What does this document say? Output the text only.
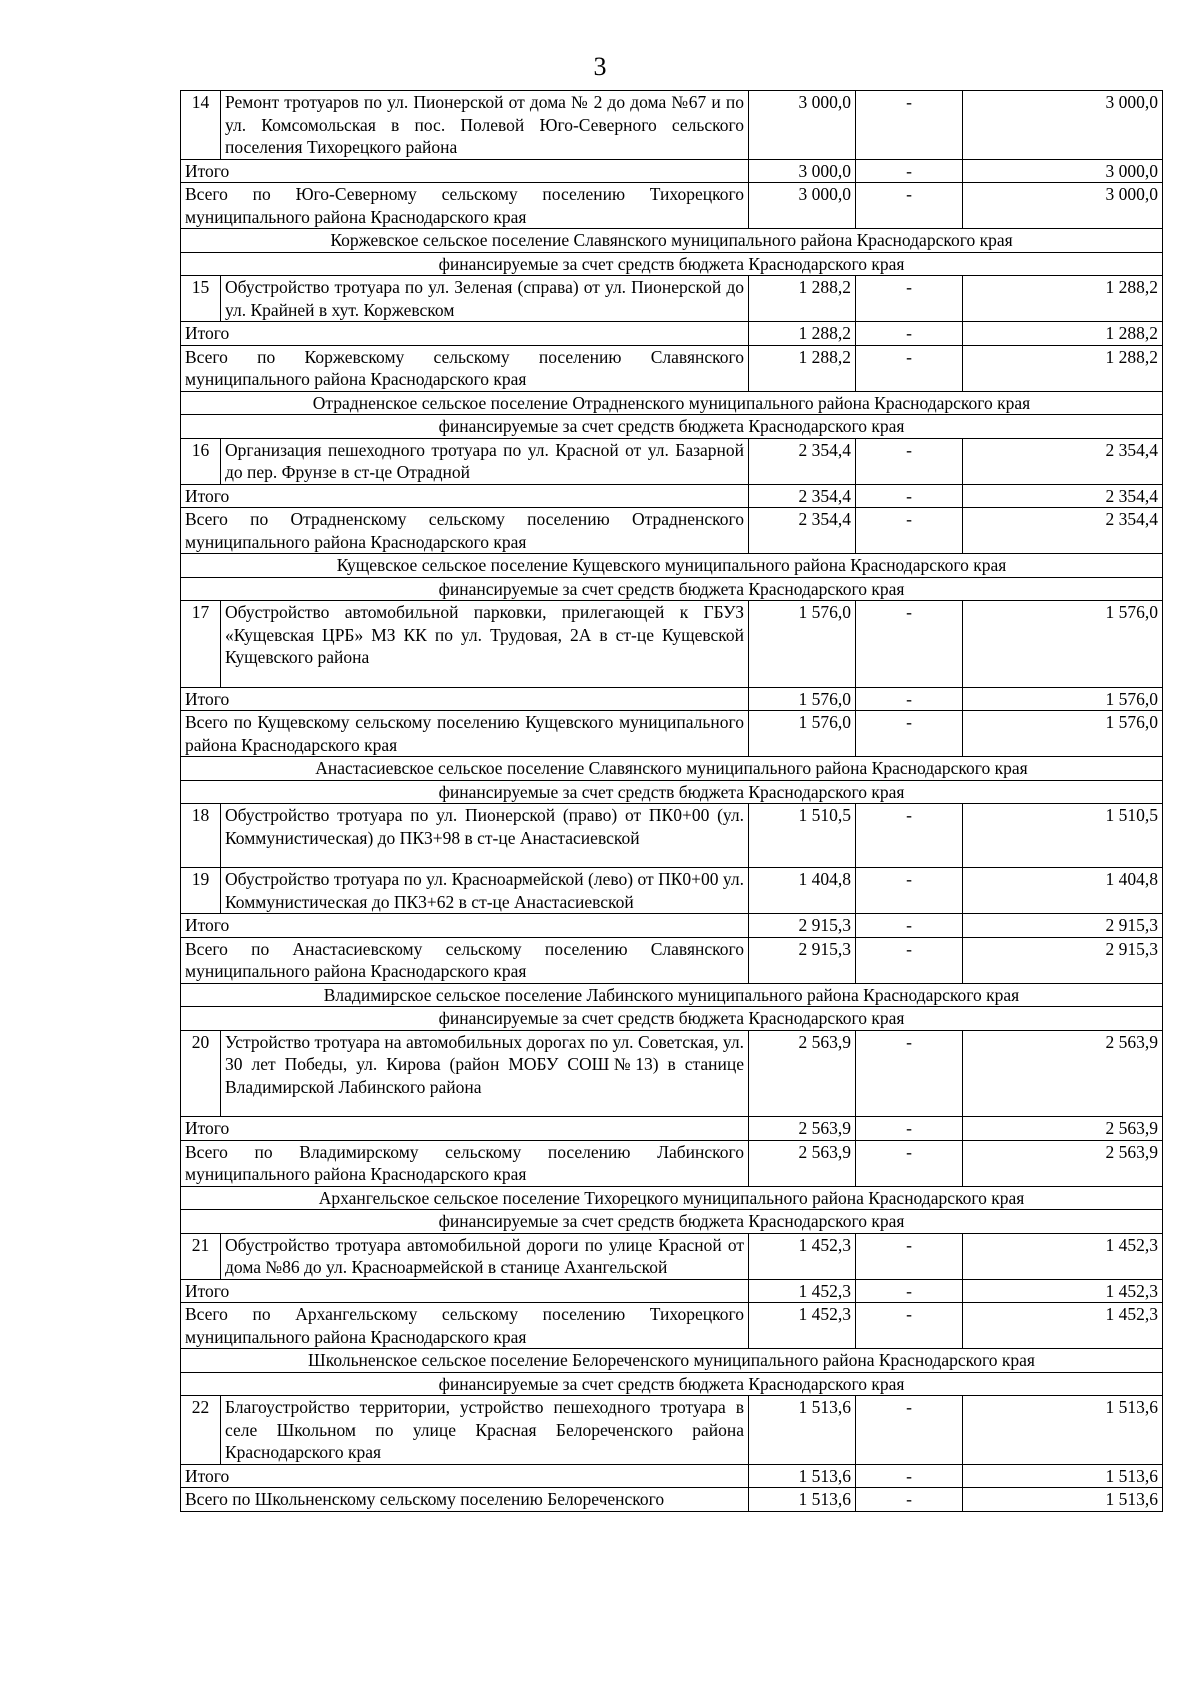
3
14	Ремонт тротуаров по ул. Пионерской от дома № 2 до дома №67 и по ул. Комсомольская в пос. Полевой Юго-Северного сельского поселения Тихорецкого района	3 000,0	-	3 000,0
Итого		3 000,0	-	3 000,0
Всего по Юго-Северному сельскому поселению Тихорецкого муниципального района Краснодарского края		3 000,0	-	3 000,0
Коржевское сельское поселение Славянского муниципального района Краснодарского края				
финансируемые за счет средств бюджета Краснодарского края				
15	Обустройство тротуара по ул. Зеленая (справа) от ул. Пионерской до ул. Крайней в хут. Коржевском	1 288,2	-	1 288,2
Итого		1 288,2	-	1 288,2
Всего по Коржевскому сельскому поселению Славянского муниципального района Краснодарского края		1 288,2	-	1 288,2
Отрадненское сельское поселение Отрадненского муниципального района Краснодарского края				
финансируемые за счет средств бюджета Краснодарского края				
16	Организация пешеходного тротуара по ул. Красной от ул. Базарной до пер. Фрунзе в ст-це Отрадной	2 354,4	-	2 354,4
Итого		2 354,4	-	2 354,4
Всего по Отрадненскому сельскому поселению Отрадненского муниципального района Краснодарского края		2 354,4	-	2 354,4
Кущевское сельское поселение Кущевского муниципального района Краснодарского края				
финансируемые за счет средств бюджета Краснодарского края				
17	Обустройство автомобильной парковки, прилегающей к ГБУЗ «Кущевская ЦРБ» МЗ КК по ул. Трудовая, 2А в ст-це Кущевской Кущевского района	1 576,0	-	1 576,0
Итого		1 576,0	-	1 576,0
Всего по Кущевскому сельскому поселению Кущевского муниципального района Краснодарского края		1 576,0	-	1 576,0
Анастасиевское сельское поселение Славянского муниципального района Краснодарского края				
финансируемые за счет средств бюджета Краснодарского края				
18	Обустройство тротуара по ул. Пионерской (право) от ПК0+00 (ул. Коммунистическая) до ПК3+98 в ст-це Анастасиевской	1 510,5	-	1 510,5
19	Обустройство тротуара по ул. Красноармейской (лево) от ПК0+00 ул. Коммунистическая до ПК3+62 в ст-це Анастасиевской	1 404,8	-	1 404,8
Итого		2 915,3	-	2 915,3
Всего по Анастасиевскому сельскому поселению Славянского муниципального района Краснодарского края		2 915,3	-	2 915,3
Владимирское сельское поселение Лабинского муниципального района Краснодарского края				
финансируемые за счет средств бюджета Краснодарского края				
20	Устройство тротуара на автомобильных дорогах по ул. Советская, ул. 30 лет Победы, ул. Кирова (район МОБУ СОШ№13) в станице Владимирской Лабинского района	2 563,9	-	2 563,9
Итого		2 563,9	-	2 563,9
Всего по Владимирскому сельскому поселению Лабинского муниципального района Краснодарского края		2 563,9	-	2 563,9
Архангельское сельское поселение Тихорецкого муниципального района Краснодарского края				
финансируемые за счет средств бюджета Краснодарского края				
21	Обустройство тротуара автомобильной дороги по улице Красной от дома №86 до ул. Красноармейской в станице Ахангельской	1 452,3	-	1 452,3
Итого		1 452,3	-	1 452,3
Всего по Архангельскому сельскому поселению Тихорецкого муниципального района Краснодарского края		1 452,3	-	1 452,3
Школьненское сельское поселение Белореченского муниципального района Краснодарского края				
финансируемые за счет средств бюджета Краснодарского края				
22	Благоустройство территории, устройство пешеходного тротуара в селе Школьном по улице Красная Белореченского района Краснодарского края	1 513,6	-	1 513,6
Итого		1 513,6	-	1 513,6
Всего по Школьненскому сельскому поселению Белореченского		1 513,6	-	1 513,6
